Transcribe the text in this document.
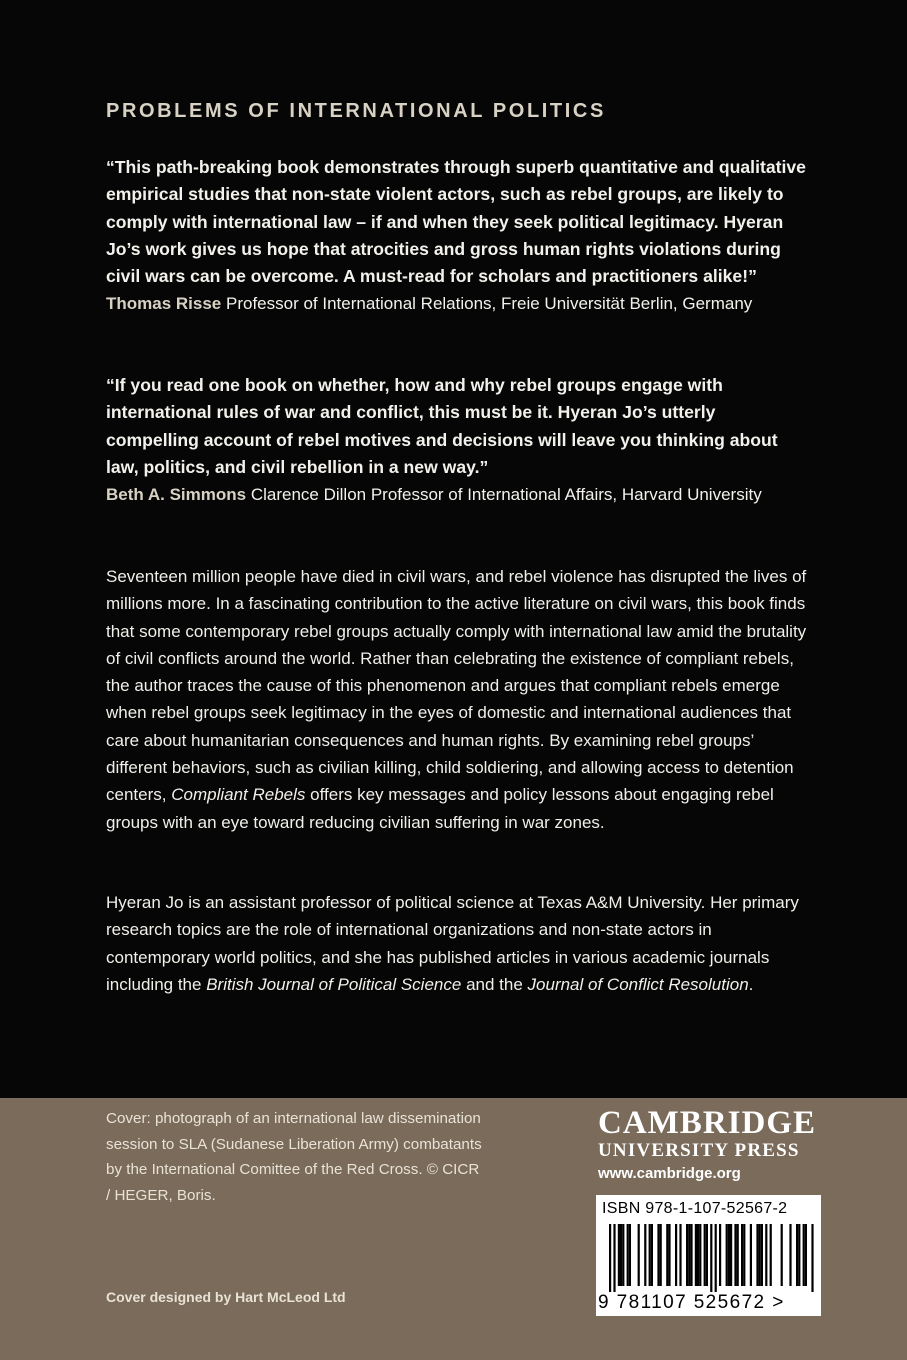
PROBLEMS OF INTERNATIONAL POLITICS

“This path-breaking book demonstrates through superb quantitative and qualitative empirical studies that non-state violent actors, such as rebel groups, are likely to comply with international law – if and when they seek political legitimacy. Hyeran Jo’s work gives us hope that atrocities and gross human rights violations during civil wars can be overcome. A must-read for scholars and practitioners alike!”
Thomas Risse Professor of International Relations, Freie Universität Berlin, Germany

“If you read one book on whether, how and why rebel groups engage with international rules of war and conflict, this must be it. Hyeran Jo’s utterly compelling account of rebel motives and decisions will leave you thinking about law, politics, and civil rebellion in a new way.”
Beth A. Simmons Clarence Dillon Professor of International Affairs, Harvard University

Seventeen million people have died in civil wars, and rebel violence has disrupted the lives of millions more. In a fascinating contribution to the active literature on civil wars, this book finds that some contemporary rebel groups actually comply with international law amid the brutality of civil conflicts around the world. Rather than celebrating the existence of compliant rebels, the author traces the cause of this phenomenon and argues that compliant rebels emerge when rebel groups seek legitimacy in the eyes of domestic and international audiences that care about humanitarian consequences and human rights. By examining rebel groups’ different behaviors, such as civilian killing, child soldiering, and allowing access to detention centers, Compliant Rebels offers key messages and policy lessons about engaging rebel groups with an eye toward reducing civilian suffering in war zones.

Hyeran Jo is an assistant professor of political science at Texas A&M University. Her primary research topics are the role of international organizations and non-state actors in contemporary world politics, and she has published articles in various academic journals including the British Journal of Political Science and the Journal of Conflict Resolution.

Cover: photograph of an international law dissemination session to SLA (Sudanese Liberation Army) combatants by the International Comittee of the Red Cross. © CICR / HEGER, Boris.

Cover designed by Hart McLeod Ltd

CAMBRIDGE
UNIVERSITY PRESS
www.cambridge.org

ISBN 978-1-107-52567-2

9 781107 525672 >
